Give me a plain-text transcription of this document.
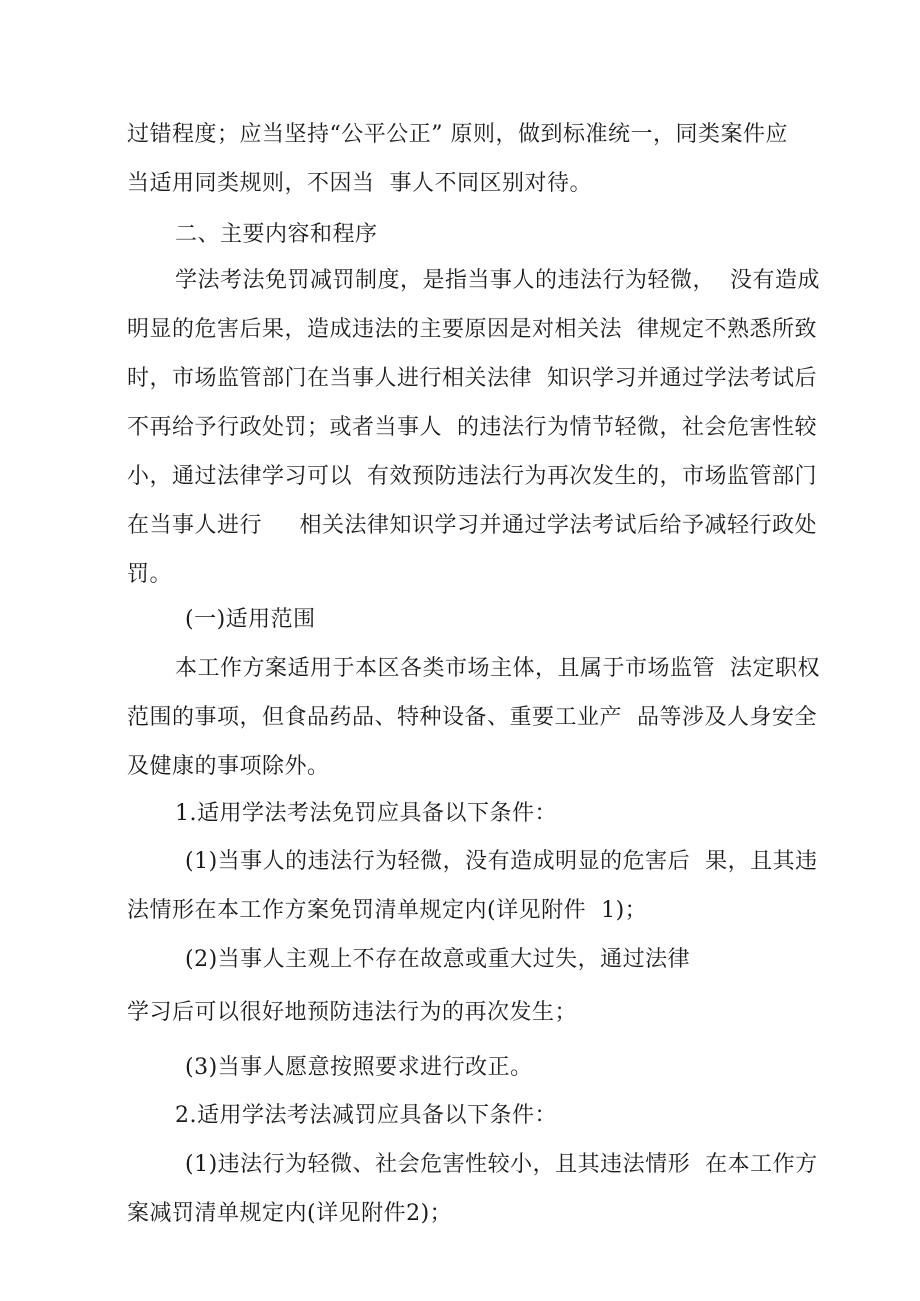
过错程度；应当坚持“公平公正” 原则，做到标准统一，同类案件应
当适用同类规则，不因当  事人不同区别对待。
二、主要内容和程序
学法考法免罚减罚制度，是指当事人的违法行为轻微，  没有造成
明显的危害后果，造成违法的主要原因是对相关法  律规定不熟悉所致
时，市场监管部门在当事人进行相关法律  知识学习并通过学法考试后
不再给予行政处罚；或者当事人  的违法行为情节轻微，社会危害性较
小，通过法律学习可以  有效预防违法行为再次发生的，市场监管部门
在当事人进行     相关法律知识学习并通过学法考试后给予减轻行政处
罚。
(一)适用范围
本工作方案适用于本区各类市场主体，且属于市场监管  法定职权
范围的事项，但食品药品、特种设备、重要工业产  品等涉及人身安全
及健康的事项除外。
1.适用学法考法免罚应具备以下条件：
(1)当事人的违法行为轻微，没有造成明显的危害后  果，且其违
法情形在本工作方案免罚清单规定内(详见附件  1)；
(2)当事人主观上不存在故意或重大过失，通过法律
学习后可以很好地预防违法行为的再次发生；
(3)当事人愿意按照要求进行改正。
2.适用学法考法减罚应具备以下条件：
(1)违法行为轻微、社会危害性较小，且其违法情形  在本工作方
案减罚清单规定内(详见附件2)；
